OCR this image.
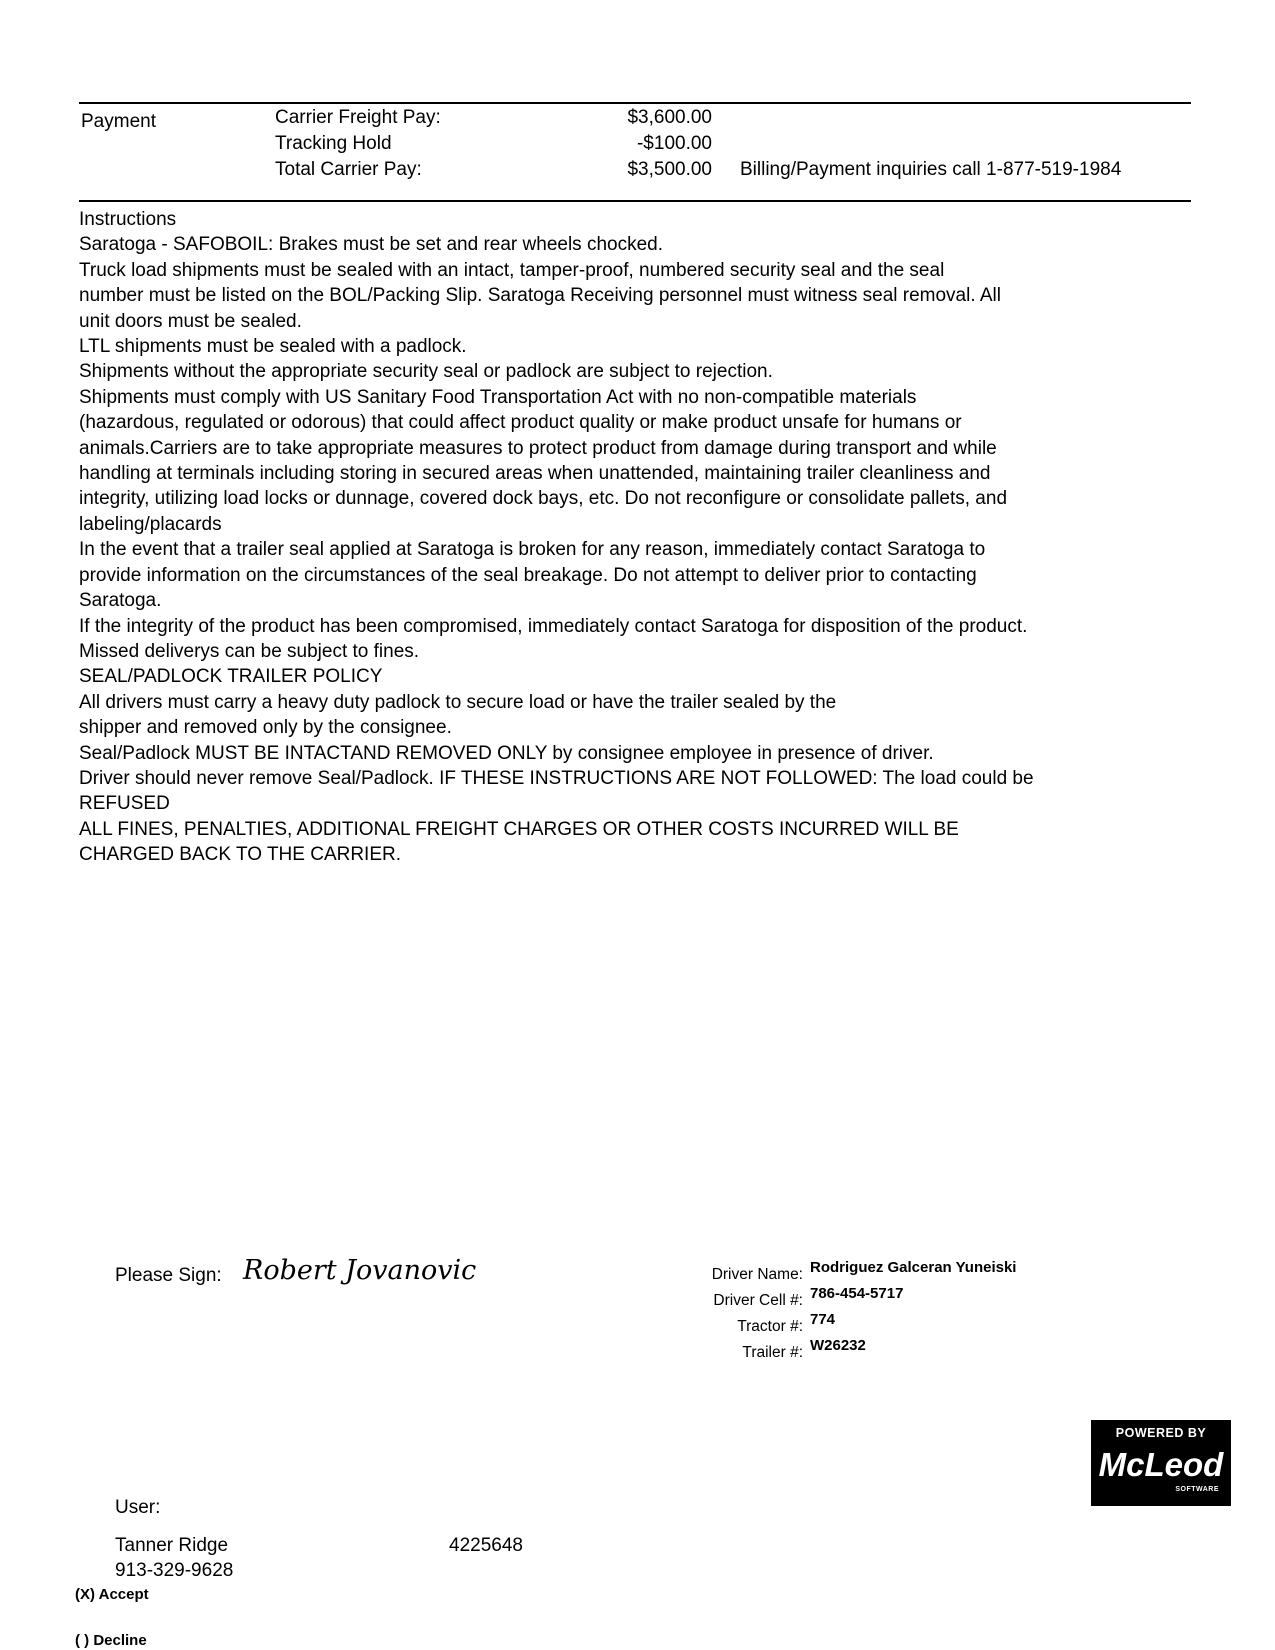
Payment	Carrier Freight Pay:	$3,600.00
Tracking Hold	-$100.00
Total Carrier Pay:	$3,500.00 Billing/Payment inquiries call 1-877-519-1984
Instructions
Saratoga - SAFOBOIL: Brakes must be set and rear wheels chocked.
Truck load shipments must be sealed with an intact, tamper-proof, numbered security seal and the seal
number must be listed on the BOL/Packing Slip. Saratoga Receiving personnel must witness seal removal. All
unit doors must be sealed.
LTL shipments must be sealed with a padlock.
Shipments without the appropriate security seal or padlock are subject to rejection.
Shipments must comply with US Sanitary Food Transportation Act with no non-compatible materials
(hazardous, regulated or odorous) that could affect product quality or make product unsafe for humans or
animals.Carriers are to take appropriate measures to protect product from damage during transport and while
handling at terminals including storing in secured areas when unattended, maintaining trailer cleanliness and
integrity, utilizing load locks or dunnage, covered dock bays, etc. Do not reconfigure or consolidate pallets, and
labeling/placards
In the event that a trailer seal applied at Saratoga is broken for any reason, immediately contact Saratoga to
provide information on the circumstances of the seal breakage. Do not attempt to deliver prior to contacting
Saratoga.
If the integrity of the product has been compromised, immediately contact Saratoga for disposition of the product.
Missed deliverys can be subject to fines.
SEAL/PADLOCK TRAILER POLICY
All drivers must carry a heavy duty padlock to secure load or have the trailer sealed by the
shipper and removed only by the consignee.
Seal/Padlock MUST BE INTACTAND REMOVED ONLY by consignee employee in presence of driver.
Driver should never remove Seal/Padlock. IF THESE INSTRUCTIONS ARE NOT FOLLOWED: The load could be
REFUSED
ALL FINES, PENALTIES, ADDITIONAL FREIGHT CHARGES OR OTHER COSTS INCURRED WILL BE
CHARGED BACK TO THE CARRIER.
Please Sign: Robert Jovanovic	Driver Name: Rodriguez Galceran Yuneiski
Driver Cell #: 786-454-5717
Tractor #: 774
Trailer #: W26232
POWERED BY
McLeod
SOFTWARE
User:
Tanner Ridge	4225648
913-329-9628
(X) Accept
( ) Decline
